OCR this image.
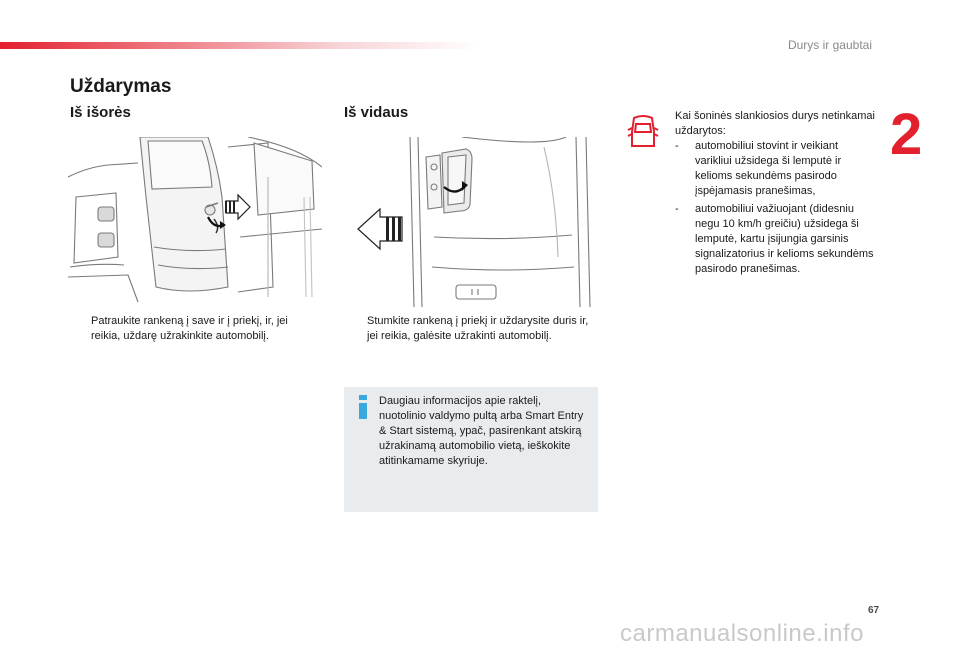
Durys ir gaubtai
2
Uždarymas
Iš išorės	Iš vidaus
Patraukite rankeną į save ir į priekį, ir, jei reikia, uždarę užrakinkite automobilį.
Stumkite rankeną į priekį ir uždarysite duris ir, jei reikia, galėsite užrakinti automobilį.
Daugiau informacijos apie raktelį, nuotolinio valdymo pultą arba Smart Entry & Start sistemą, ypač, pasirenkant atskirą užrakinamą automobilio vietą, ieškokite atitinkamame skyriuje.
Kai šoninės slankiosios durys netinkamai uždarytos:
-	automobiliui stovint ir veikiant varikliui užsidega ši lemputė ir kelioms sekundėms pasirodo įspėjamasis pranešimas,
-	automobiliui važiuojant (didesniu negu 10 km/h greičiu) užsidega ši lemputė, kartu įsijungia garsinis signalizatorius ir kelioms sekundėms pasirodo pranešimas.
67
carmanualsonline.info
